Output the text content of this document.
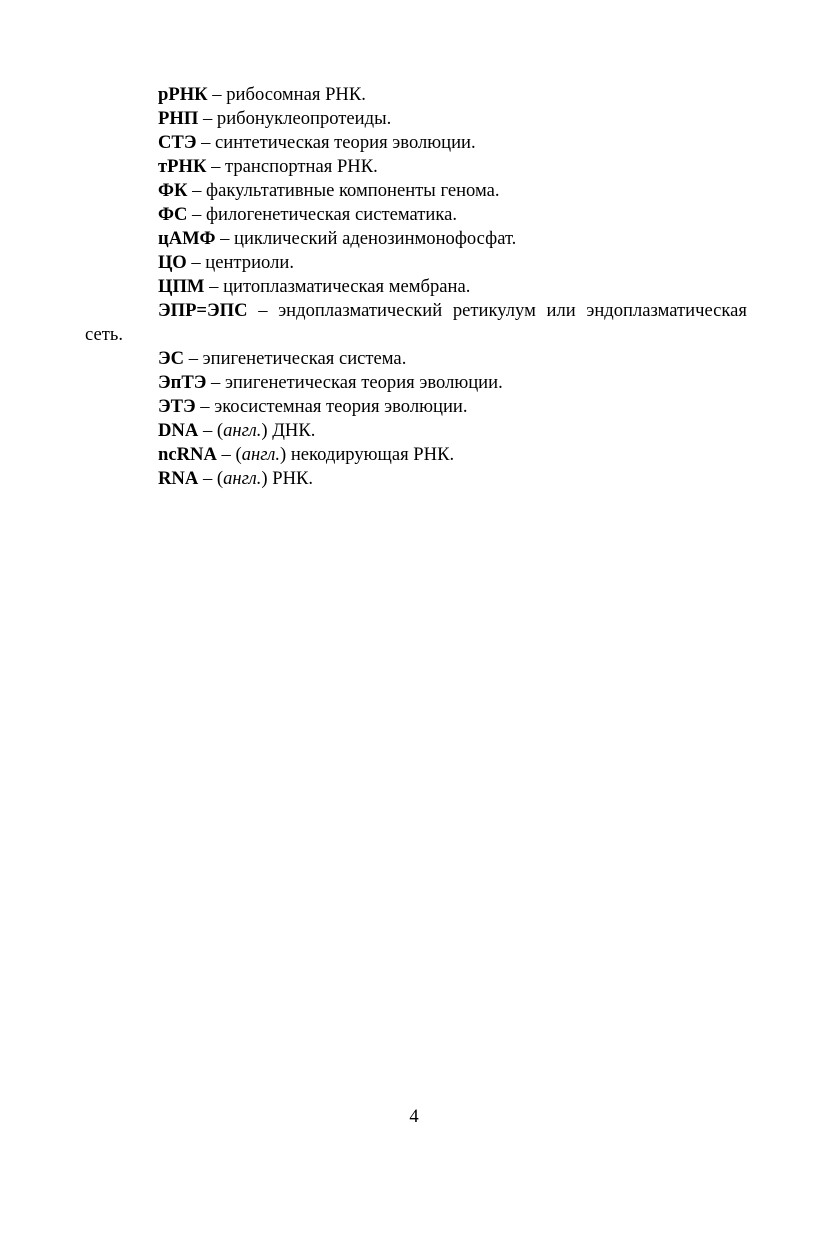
рРНК – рибосомная РНК.
РНП – рибонуклеопротеиды.
СТЭ – синтетическая теория эволюции.
тРНК – транспортная РНК.
ФК – факультативные компоненты генома.
ФС – филогенетическая систематика.
цАМФ – циклический аденозинмонофосфат.
ЦО – центриоли.
ЦПМ – цитоплазматическая мембрана.
ЭПР=ЭПС – эндоплазматический ретикулум или эндоплазматическая сеть.
ЭС – эпигенетическая система.
ЭпТЭ – эпигенетическая теория эволюции.
ЭТЭ – экосистемная теория эволюции.
DNA – (англ.) ДНК.
ncRNA – (англ.) некодирующая РНК.
RNA – (англ.) РНК.
4
